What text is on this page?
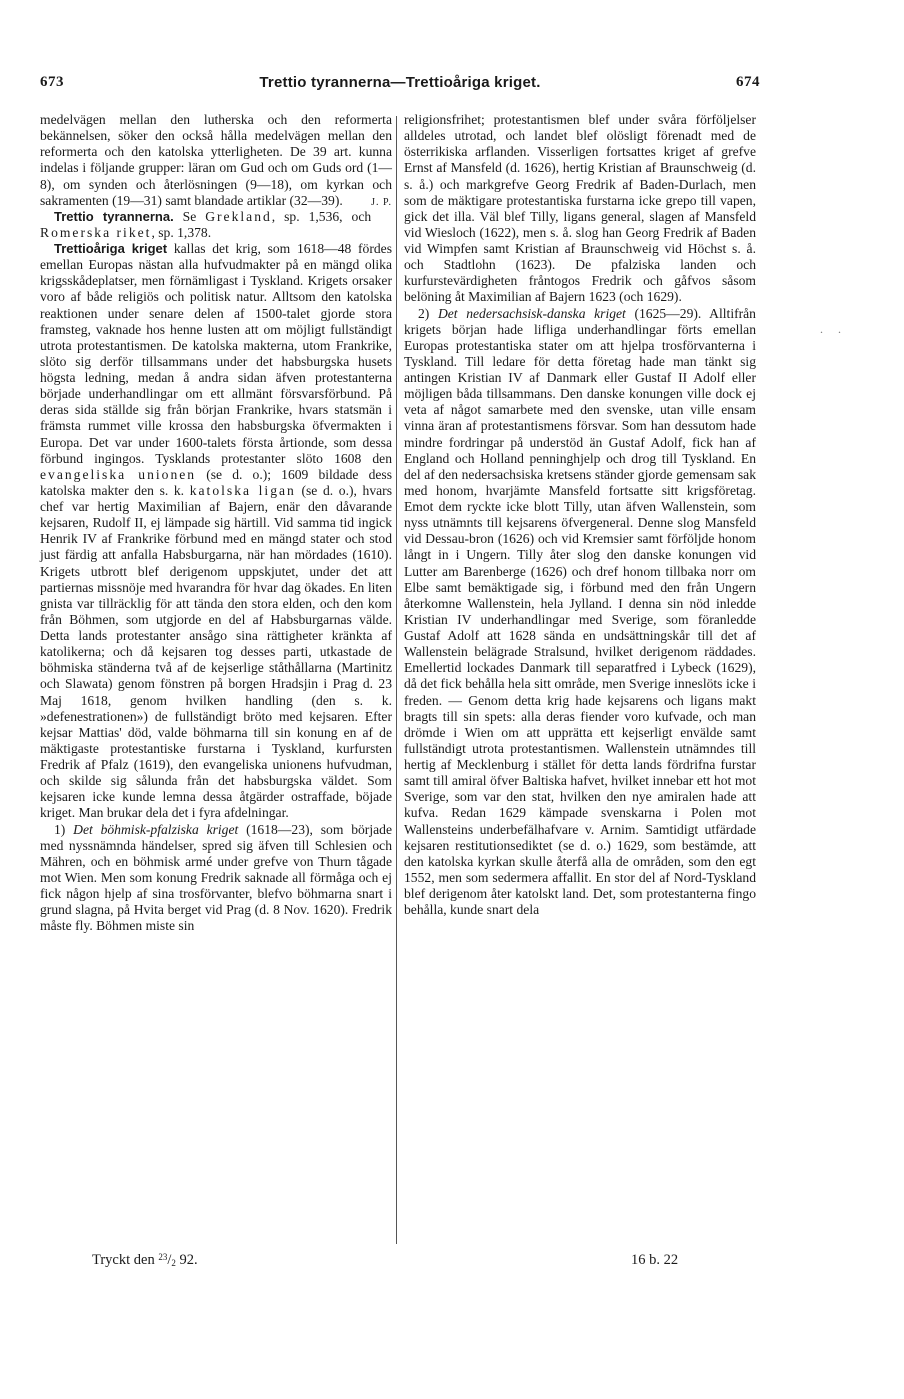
673	Trettio tyrannerna—Trettioåriga kriget.	674

medelvägen mellan den lutherska och den reformerta bekännelsen, söker den också hålla medelvägen mellan den reformerta och den katolska ytterligheten. De 39 art. kunna indelas i följande grupper: läran om Gud och om Guds ord (1—8), om synden och återlösningen (9—18), om kyrkan och sakramenten (19—31) samt blandade artiklar (32—39).	J. P.

Trettio tyrannerna. Se Grekland, sp. 1,536, och Romerska riket, sp. 1,378.

Trettioåriga kriget kallas det krig, som 1618—48 fördes emellan Europas nästan alla hufvudmakter på en mängd olika krigsskådeplatser, men förnämligast i Tyskland. Krigets orsaker voro af både religiös och politisk natur. Alltsom den katolska reaktionen under senare delen af 1500-talet gjorde stora framsteg, vaknade hos henne lusten att om möjligt fullständigt utrota protestantismen. De katolska makterna, utom Frankrike, slöto sig derför tillsammans under det habsburgska husets högsta ledning, medan å andra sidan äfven protestanterna började underhandlingar om ett allmänt försvarsförbund. På deras sida ställde sig från början Frankrike, hvars statsmän i främsta rummet ville krossa den habsburgska öfvermakten i Europa. Det var under 1600-talets första årtionde, som dessa förbund ingingos. Tysklands protestanter slöto 1608 den evangeliska unionen (se d. o.); 1609 bildade dess katolska makter den s. k. katolska ligan (se d. o.), hvars chef var hertig Maximilian af Bajern, enär den dåvarande kejsaren, Rudolf II, ej lämpade sig härtill. Vid samma tid ingick Henrik IV af Frankrike förbund med en mängd stater och stod just färdig att anfalla Habsburgarna, när han mördades (1610). Krigets utbrott blef derigenom uppskjutet, under det att partiernas missnöje med hvarandra för hvar dag ökades. En liten gnista var tillräcklig för att tända den stora elden, och den kom från Böhmen, som utgjorde en del af Habsburgarnas välde. Detta lands protestanter ansågo sina rättigheter kränkta af katolikerna; och då kejsaren tog desses parti, utkastade de böhmiska ständerna två af de kejserlige ståthållarna (Martinitz och Slawata) genom fönstren på borgen Hradsjin i Prag d. 23 Maj 1618, genom hvilken handling (den s. k. »defenestrationen») de fullständigt bröto med kejsaren. Efter kejsar Mattias' död, valde böhmarna till sin konung en af de mäktigaste protestantiske furstarna i Tyskland, kurfursten Fredrik af Pfalz (1619), den evangeliska unionens hufvudman, och skilde sig sålunda från det habsburgska väldet. Som kejsaren icke kunde lemna dessa åtgärder ostraffade, böjade kriget. Man brukar dela det i fyra afdelningar.

1) Det böhmisk-pfalziska kriget (1618—23), som började med nyssnämnda händelser, spred sig äfven till Schlesien och Mähren, och en böhmisk armé under grefve von Thurn tågade mot Wien. Men som konung Fredrik saknade all förmåga och ej fick någon hjelp af sina trosförvanter, blefvo böhmarna snart i grund slagna, på Hvita berget vid Prag (d. 8 Nov. 1620). Fredrik måste fly. Böhmen miste sin

religionsfrihet; protestantismen blef under svåra förföljelser alldeles utrotad, och landet blef olösligt förenadt med de österrikiska arflanden. Visserligen fortsattes kriget af grefve Ernst af Mansfeld (d. 1626), hertig Kristian af Braunschweig (d. s. å.) och markgrefve Georg Fredrik af Baden-Durlach, men som de mäktigare protestantiska furstarna icke grepo till vapen, gick det illa. Väl blef Tilly, ligans general, slagen af Mansfeld vid Wiesloch (1622), men s. å. slog han Georg Fredrik af Baden vid Wimpfen samt Kristian af Braunschweig vid Höchst s. å. och Stadtlohn (1623). De pfalziska landen och kurfurstevärdigheten fråntogos Fredrik och gåfvos såsom belöning åt Maximilian af Bajern 1623 (och 1629).

2) Det nedersachsisk-danska kriget (1625—29). Alltifrån krigets början hade lifliga underhandlingar förts emellan Europas protestantiska stater om att hjelpa trosförvanterna i Tyskland. Till ledare för detta företag hade man tänkt sig antingen Kristian IV af Danmark eller Gustaf II Adolf eller möjligen båda tillsammans. Den danske konungen ville dock ej veta af något samarbete med den svenske, utan ville ensam vinna äran af protestantismens försvar. Som han dessutom hade mindre fordringar på understöd än Gustaf Adolf, fick han af England och Holland penninghjelp och drog till Tyskland. En del af den nedersachsiska kretsens ständer gjorde gemensam sak med honom, hvarjämte Mansfeld fortsatte sitt krigsföretag. Emot dem ryckte icke blott Tilly, utan äfven Wallenstein, som nyss utnämnts till kejsarens öfvergeneral. Denne slog Mansfeld vid Dessau-bron (1626) och vid Kremsier samt förföljde honom långt in i Ungern. Tilly åter slog den danske konungen vid Lutter am Barenberge (1626) och dref honom tillbaka norr om Elbe samt bemäktigade sig, i förbund med den från Ungern återkomne Wallenstein, hela Jylland. I denna sin nöd inledde Kristian IV underhandlingar med Sverige, som föranledde Gustaf Adolf att 1628 sända en undsättningskår till det af Wallenstein belägrade Stralsund, hvilket derigenom räddades. Emellertid lockades Danmark till separatfred i Lybeck (1629), då det fick behålla hela sitt område, men Sverige inneslöts icke i freden. — Genom detta krig hade kejsarens och ligans makt bragts till sin spets: alla deras fiender voro kufvade, och man drömde i Wien om att upprätta ett kejserligt envälde samt fullständigt utrota protestantismen. Wallenstein utnämndes till hertig af Mecklenburg i stället för detta lands fördrifna furstar samt till amiral öfver Baltiska hafvet, hvilket innebar ett hot mot Sverige, som var den stat, hvilken den nye amiralen hade att kufva. Redan 1629 kämpade svenskarna i Polen mot Wallensteins underbefälhafvare v. Arnim. Samtidigt utfärdade kejsaren restitutionsediktet (se d. o.) 1629, som bestämde, att den katolska kyrkan skulle återfå alla de områden, som den egt 1552, men som sedermera affallit. En stor del af Nord-Tyskland blef derigenom åter katolskt land. Det, som protestanterna fingo behålla, kunde snart dela

. .
Tryckt den $^{23}$/2 92.	16 b. 22
